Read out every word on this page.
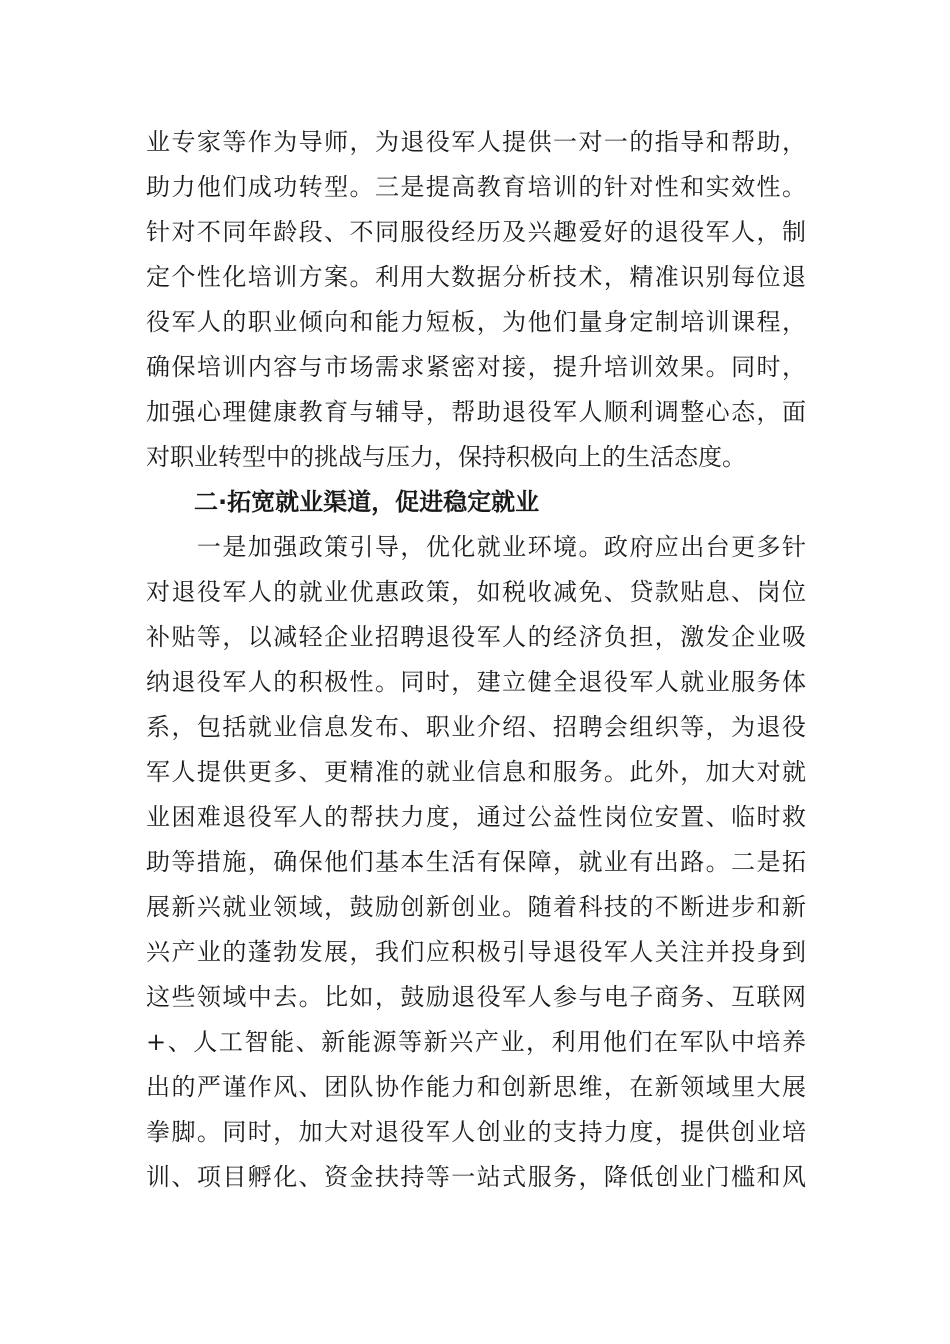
业专家等作为导师，为退役军人提供一对一的指导和帮助，
助力他们成功转型。三是提高教育培训的针对性和实效性。
针对不同年龄段、不同服役经历及兴趣爱好的退役军人，制
定个性化培训方案。利用大数据分析技术，精准识别每位退
役军人的职业倾向和能力短板，为他们量身定制培训课程，
确保培训内容与市场需求紧密对接，提升培训效果。同时，
加强心理健康教育与辅导，帮助退役军人顺利调整心态，面
对职业转型中的挑战与压力，保持积极向上的生活态度。
二·拓宽就业渠道，促进稳定就业
　　一是加强政策引导，优化就业环境。政府应出台更多针
对退役军人的就业优惠政策，如税收减免、贷款贴息、岗位
补贴等，以减轻企业招聘退役军人的经济负担，激发企业吸
纳退役军人的积极性。同时，建立健全退役军人就业服务体
系，包括就业信息发布、职业介绍、招聘会组织等，为退役
军人提供更多、更精准的就业信息和服务。此外，加大对就
业困难退役军人的帮扶力度，通过公益性岗位安置、临时救
助等措施，确保他们基本生活有保障，就业有出路。二是拓
展新兴就业领域，鼓励创新创业。随着科技的不断进步和新
兴产业的蓬勃发展，我们应积极引导退役军人关注并投身到
这些领域中去。比如，鼓励退役军人参与电子商务、互联网
+、人工智能、新能源等新兴产业，利用他们在军队中培养
出的严谨作风、团队协作能力和创新思维，在新领域里大展
拳脚。同时，加大对退役军人创业的支持力度，提供创业培
训、项目孵化、资金扶持等一站式服务，降低创业门槛和风
